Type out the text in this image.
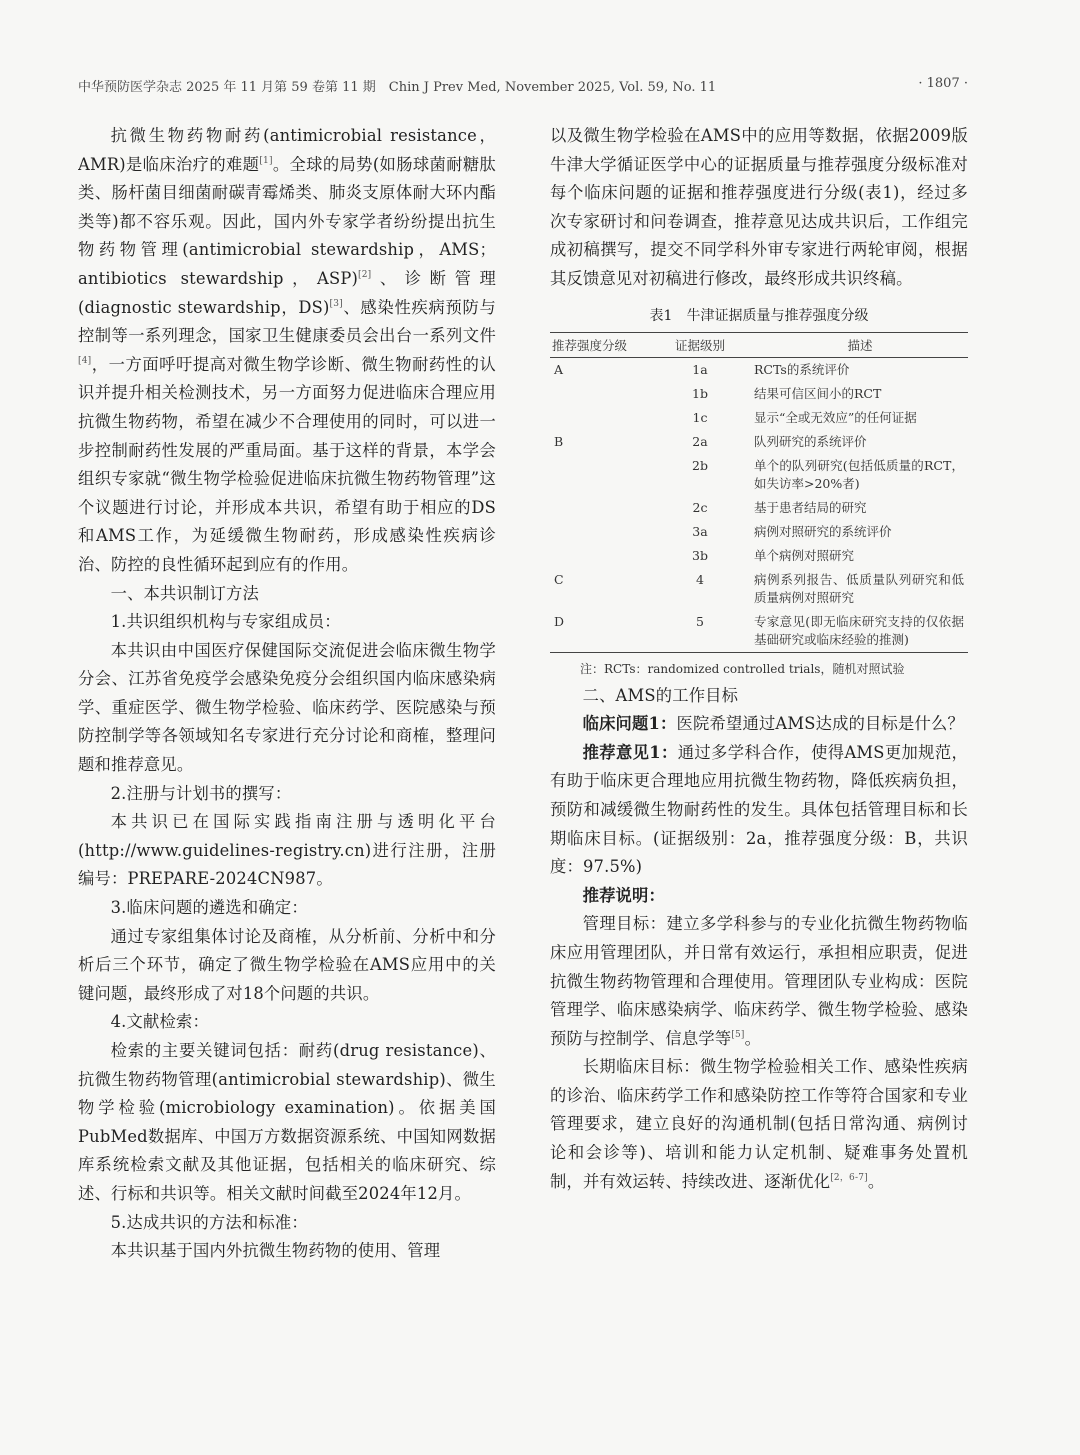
中华预防医学杂志 2025 年 11 月第 59 卷第 11 期　Chin J Prev Med, November 2025, Vol. 59, No. 11	· 1807 ·

抗微生物药物耐药(antimicrobial resistance，AMR)是临床治疗的难题[1]。全球的局势(如肠球菌耐糖肽类、肠杆菌目细菌耐碳青霉烯类、肺炎支原体耐大环内酯类等)都不容乐观。因此，国内外专家学者纷纷提出抗生物药物管理(antimicrobial stewardship，AMS；antibiotics stewardship，ASP)[2]、诊断管理(diagnostic stewardship，DS)[3]、感染性疾病预防与控制等一系列理念，国家卫生健康委员会出台一系列文件[4]，一方面呼吁提高对微生物学诊断、微生物耐药性的认识并提升相关检测技术，另一方面努力促进临床合理应用抗微生物药物，希望在减少不合理使用的同时，可以进一步控制耐药性发展的严重局面。基于这样的背景，本学会组织专家就“微生物学检验促进临床抗微生物药物管理”这个议题进行讨论，并形成本共识，希望有助于相应的DS和AMS工作，为延缓微生物耐药，形成感染性疾病诊治、防控的良性循环起到应有的作用。

一、本共识制订方法

1.共识组织机构与专家组成员：

本共识由中国医疗保健国际交流促进会临床微生物学分会、江苏省免疫学会感染免疫分会组织国内临床感染病学、重症医学、微生物学检验、临床药学、医院感染与预防控制学等各领域知名专家进行充分讨论和商榷，整理问题和推荐意见。

2.注册与计划书的撰写：

本共识已在国际实践指南注册与透明化平台(http://www.guidelines-registry.cn)进行注册，注册编号：PREPARE-2024CN987。

3.临床问题的遴选和确定：

通过专家组集体讨论及商榷，从分析前、分析中和分析后三个环节，确定了微生物学检验在AMS应用中的关键问题，最终形成了对18个问题的共识。

4.文献检索：

检索的主要关键词包括：耐药(drug resistance)、抗微生物药物管理(antimicrobial stewardship)、微生物学检验(microbiology examination)。依据美国PubMed数据库、中国万方数据资源系统、中国知网数据库系统检索文献及其他证据，包括相关的临床研究、综述、行标和共识等。相关文献时间截至2024年12月。

5.达成共识的方法和标准：

本共识基于国内外抗微生物药物的使用、管理

以及微生物学检验在AMS中的应用等数据，依据2009版牛津大学循证医学中心的证据质量与推荐强度分级标准对每个临床问题的证据和推荐强度进行分级(表1)，经过多次专家研讨和问卷调查，推荐意见达成共识后，工作组完成初稿撰写，提交不同学科外审专家进行两轮审阅，根据其反馈意见对初稿进行修改，最终形成共识终稿。

表1　牛津证据质量与推荐强度分级
推荐强度分级	证据级别	描述
A	1a	RCTs的系统评价
	1b	结果可信区间小的RCT
	1c	显示“全或无效应”的任何证据
B	2a	队列研究的系统评价
	2b	单个的队列研究(包括低质量的RCT，如失访率>20%者)
	2c	基于患者结局的研究
	3a	病例对照研究的系统评价
	3b	单个病例对照研究
C	4	病例系列报告、低质量队列研究和低质量病例对照研究
D	5	专家意见(即无临床研究支持的仅依据基础研究或临床经验的推测)
注：RCTs：randomized controlled trials，随机对照试验

二、AMS的工作目标

临床问题1：医院希望通过AMS达成的目标是什么？

推荐意见1：通过多学科合作，使得AMS更加规范，有助于临床更合理地应用抗微生物药物，降低疾病负担，预防和减缓微生物耐药性的发生。具体包括管理目标和长期临床目标。(证据级别：2a，推荐强度分级：B，共识度：97.5%)

推荐说明：

管理目标：建立多学科参与的专业化抗微生物药物临床应用管理团队，并日常有效运行，承担相应职责，促进抗微生物药物管理和合理使用。管理团队专业构成：医院管理学、临床感染病学、临床药学、微生物学检验、感染预防与控制学、信息学等[5]。

长期临床目标：微生物学检验相关工作、感染性疾病的诊治、临床药学工作和感染防控工作等符合国家和专业管理要求，建立良好的沟通机制(包括日常沟通、病例讨论和会诊等)、培训和能力认定机制、疑难事务处置机制，并有效运转、持续改进、逐渐优化[2，6-7]。
